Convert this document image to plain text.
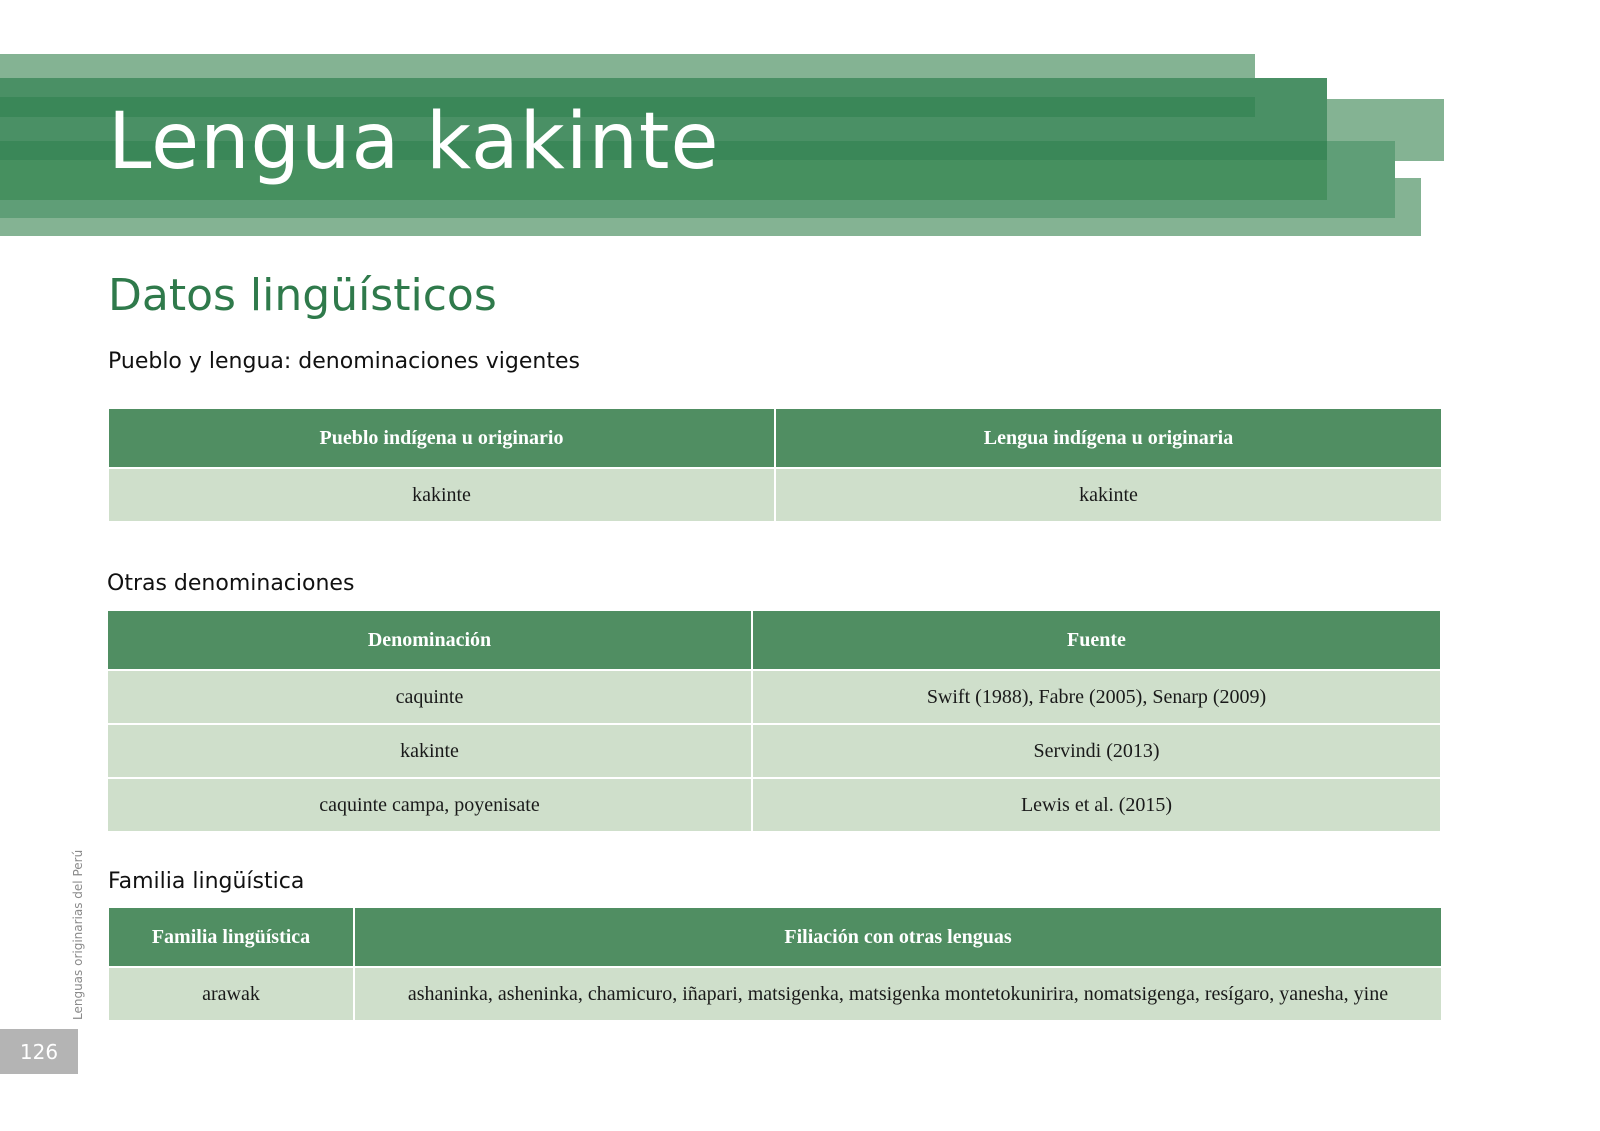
Lengua kakinte
Datos lingüísticos
Pueblo y lengua: denominaciones vigentes
Pueblo indígena u originario	Lengua indígena u originaria
kakinte	kakinte
Otras denominaciones
Denominación	Fuente
caquinte	Swift (1988), Fabre (2005), Senarp (2009)
kakinte	Servindi (2013)
caquinte campa, poyenisate	Lewis et al. (2015)
Familia lingüística
Familia lingüística	Filiación con otras lenguas
arawak	ashaninka, asheninka, chamicuro, iñapari, matsigenka, matsigenka montetokunirira, nomatsigenga, resígaro, yanesha, yine
Lenguas originarias del Perú
126
